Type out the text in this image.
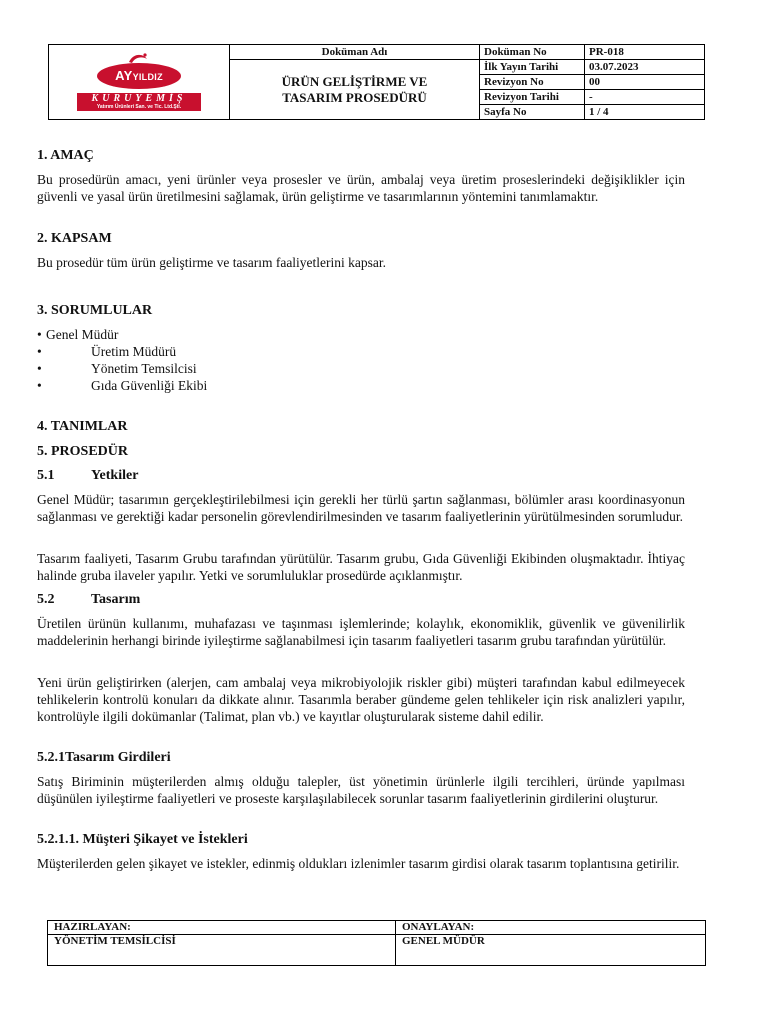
AYYILDIZ
KURUYEMİŞ
Yatırım Ürünleri San. ve Tic. Ltd.Şti.	Doküman Adı	Doküman No	PR-018

	ÜRÜN GELİŞTİRME VE
TASARIM PROSEDÜRÜ	İlk Yayın Tarihi	03.07.2023
		Revizyon No	00
		Revizyon Tarihi	-
		Sayfa No	1 / 4
1. AMAÇ
Bu prosedürün amacı, yeni ürünler veya prosesler ve ürün, ambalaj veya üretim proseslerindeki değişiklikler için güvenli ve yasal ürün üretilmesini sağlamak, ürün geliştirme ve tasarımlarının yöntemini tanımlamaktır.
2. KAPSAM
Bu prosedür tüm ürün geliştirme ve tasarım faaliyetlerini kapsar.
3. SORUMLULAR
• Genel Müdür
•	Üretim Müdürü
•	Yönetim Temsilcisi
•	Gıda Güvenliği Ekibi
4. TANIMLAR
5. PROSEDÜR
5.1	Yetkiler
Genel Müdür; tasarımın gerçekleştirilebilmesi için gerekli her türlü şartın sağlanması, bölümler arası koordinasyonun sağlanması ve gerektiği kadar personelin görevlendirilmesinden ve tasarım faaliyetlerinin yürütülmesinden sorumludur.
Tasarım faaliyeti, Tasarım Grubu tarafından yürütülür. Tasarım grubu, Gıda Güvenliği Ekibinden oluşmaktadır. İhtiyaç halinde gruba ilaveler yapılır. Yetki ve sorumluluklar prosedürde açıklanmıştır.
5.2	Tasarım
Üretilen ürünün kullanımı, muhafazası ve taşınması işlemlerinde; kolaylık, ekonomiklik, güvenlik ve güvenilirlik maddelerinin herhangi birinde iyileştirme sağlanabilmesi için tasarım faaliyetleri tasarım grubu tarafından yürütülür.
Yeni ürün geliştirirken (alerjen, cam ambalaj veya mikrobiyolojik riskler gibi) müşteri tarafından kabul edilmeyecek tehlikelerin kontrolü konuları da dikkate alınır. Tasarımla beraber gündeme gelen tehlikeler için risk analizleri yapılır, kontrolüyle ilgili dokümanlar (Talimat, plan vb.) ve kayıtlar oluşturularak sisteme dahil edilir.
5.2.1Tasarım Girdileri
Satış Biriminin müşterilerden almış olduğu talepler, üst yönetimin ürünlerle ilgili tercihleri, üründe yapılması düşünülen iyileştirme faaliyetleri ve proseste karşılaşılabilecek sorunlar tasarım faaliyetlerinin girdilerini oluşturur.
5.2.1.1. Müşteri Şikayet ve İstekleri
Müşterilerden gelen şikayet ve istekler, edinmiş oldukları izlenimler tasarım girdisi olarak tasarım toplantısına getirilir.
HAZIRLAYAN:	ONAYLAYAN:
YÖNETİM TEMSİLCİSİ	GENEL MÜDÜR
